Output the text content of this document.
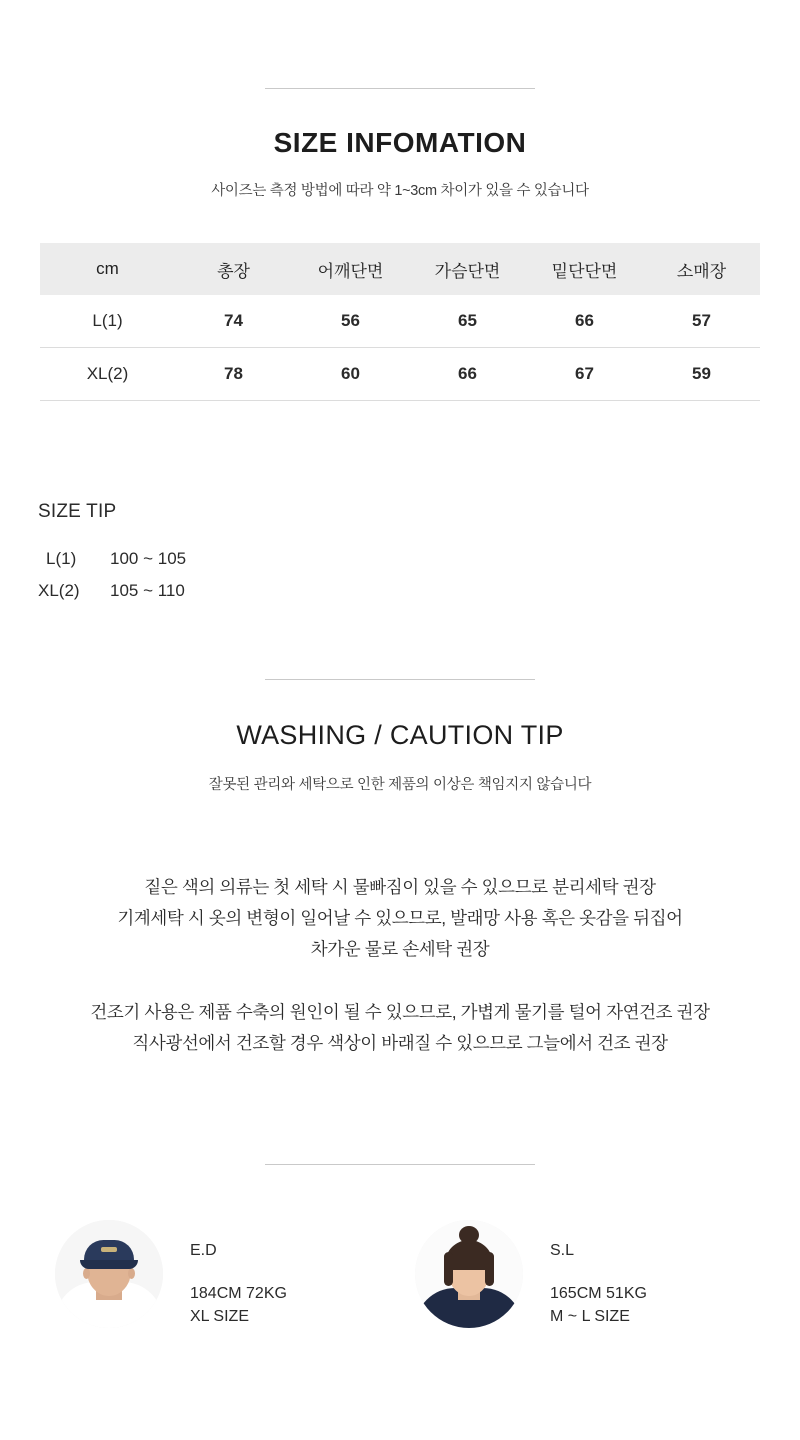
SIZE INFOMATION
사이즈는 측정 방법에 따라 약 1~3cm 차이가 있을 수 있습니다
cm	총장	어깨단면	가슴단면	밑단단면	소매장
L(1)	74	56	65	66	57
XL(2)	78	60	66	67	59
SIZE TIP
L(1)	100 ~ 105
XL(2)	105 ~ 110
WASHING / CAUTION TIP
잘못된 관리와 세탁으로 인한 제품의 이상은 책임지지 않습니다

짙은 색의 의류는 첫 세탁 시 물빠짐이 있을 수 있으므로 분리세탁 권장

기계세탁 시 옷의 변형이 일어날 수 있으므로, 발래망 사용 혹은 옷감을 뒤집어

차가운 물로 손세탁 권장

건조기 사용은 제품 수축의 원인이 될 수 있으므로, 가볍게 물기를 털어 자연건조 권장

직사광선에서 건조할 경우 색상이 바래질 수 있으므로 그늘에서 건조 권장

E.D
184CM 72KG
XL SIZE
S.L
165CM 51KG
M ~ L SIZE
